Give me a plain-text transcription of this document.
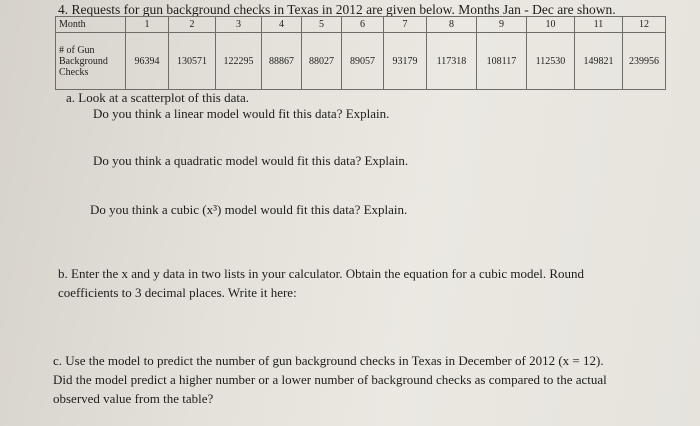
4. Requests for gun background checks in Texas in 2012 are given below. Months Jan - Dec are shown.
Month	1	2	3	4	5	6	7	8	9	10	11	12

# of Gun
Background
Checks	96394	130571	122295	88867	88027	89057	93179	117318	108117	112530	149821	239956
a. Look at a scatterplot of this data.
Do you think a linear model would fit this data? Explain.
Do you think a quadratic model would fit this data? Explain.
Do you think a cubic (x³) model would fit this data? Explain.
b. Enter the x and y data in two lists in your calculator. Obtain the equation for a cubic model. Round
coefficients to 3 decimal places. Write it here:
c. Use the model to predict the number of gun background checks in Texas in December of 2012 (x = 12).
Did the model predict a higher number or a lower number of background checks as compared to the actual
observed value from the table?
